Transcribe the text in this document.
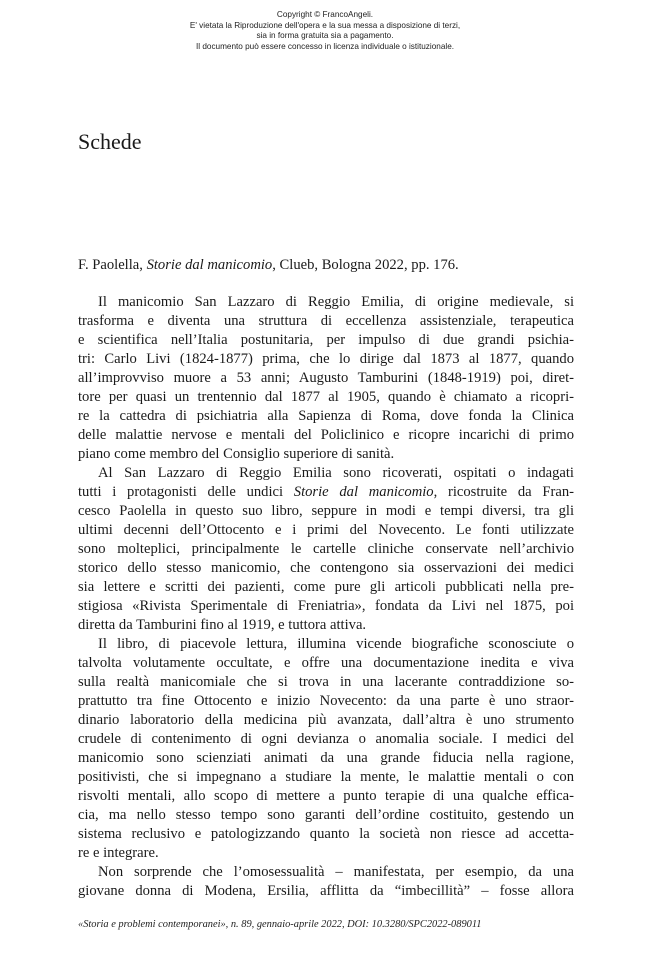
Copyright © FrancoAngeli.
E' vietata la Riproduzione dell'opera e la sua messa a disposizione di terzi,
sia in forma gratuita sia a pagamento.
Il documento può essere concesso in licenza individuale o istituzionale.
Schede

F. Paolella, Storie dal manicomio, Clueb, Bologna 2022, pp. 176.

Il manicomio San Lazzaro di Reggio Emilia, di origine medievale, si
trasforma e diventa una struttura di eccellenza assistenziale, terapeutica
e scientifica nell’Italia postunitaria, per impulso di due grandi psichia-
tri: Carlo Livi (1824-1877) prima, che lo dirige dal 1873 al 1877, quando
all’improvviso muore a 53 anni; Augusto Tamburini (1848-1919) poi, diret-
tore per quasi un trentennio dal 1877 al 1905, quando è chiamato a ricopri-
re la cattedra di psichiatria alla Sapienza di Roma, dove fonda la Clinica
delle malattie nervose e mentali del Policlinico e ricopre incarichi di primo
piano come membro del Consiglio superiore di sanità.

Al San Lazzaro di Reggio Emilia sono ricoverati, ospitati o indagati
tutti i protagonisti delle undici Storie dal manicomio, ricostruite da Fran-
cesco Paolella in questo suo libro, seppure in modi e tempi diversi, tra gli
ultimi decenni dell’Ottocento e i primi del Novecento. Le fonti utilizzate
sono molteplici, principalmente le cartelle cliniche conservate nell’archivio
storico dello stesso manicomio, che contengono sia osservazioni dei medici
sia lettere e scritti dei pazienti, come pure gli articoli pubblicati nella pre-
stigiosa «Rivista Sperimentale di Freniatria», fondata da Livi nel 1875, poi
diretta da Tamburini fino al 1919, e tuttora attiva.

Il libro, di piacevole lettura, illumina vicende biografiche sconosciute o
talvolta volutamente occultate, e offre una documentazione inedita e viva
sulla realtà manicomiale che si trova in una lacerante contraddizione so-
prattutto tra fine Ottocento e inizio Novecento: da una parte è uno straor-
dinario laboratorio della medicina più avanzata, dall’altra è uno strumento
crudele di contenimento di ogni devianza o anomalia sociale. I medici del
manicomio sono scienziati animati da una grande fiducia nella ragione,
positivisti, che si impegnano a studiare la mente, le malattie mentali o con
risvolti mentali, allo scopo di mettere a punto terapie di una qualche effica-
cia, ma nello stesso tempo sono garanti dell’ordine costituito, gestendo un
sistema reclusivo e patologizzando quanto la società non riesce ad accetta-
re e integrare.

Non sorprende che l’omosessualità – manifestata, per esempio, da una
giovane donna di Modena, Ersilia, afflitta da “imbecillità” – fosse allora

«Storia e problemi contemporanei», n. 89, gennaio-aprile 2022, DOI: 10.3280/SPC2022-089011
